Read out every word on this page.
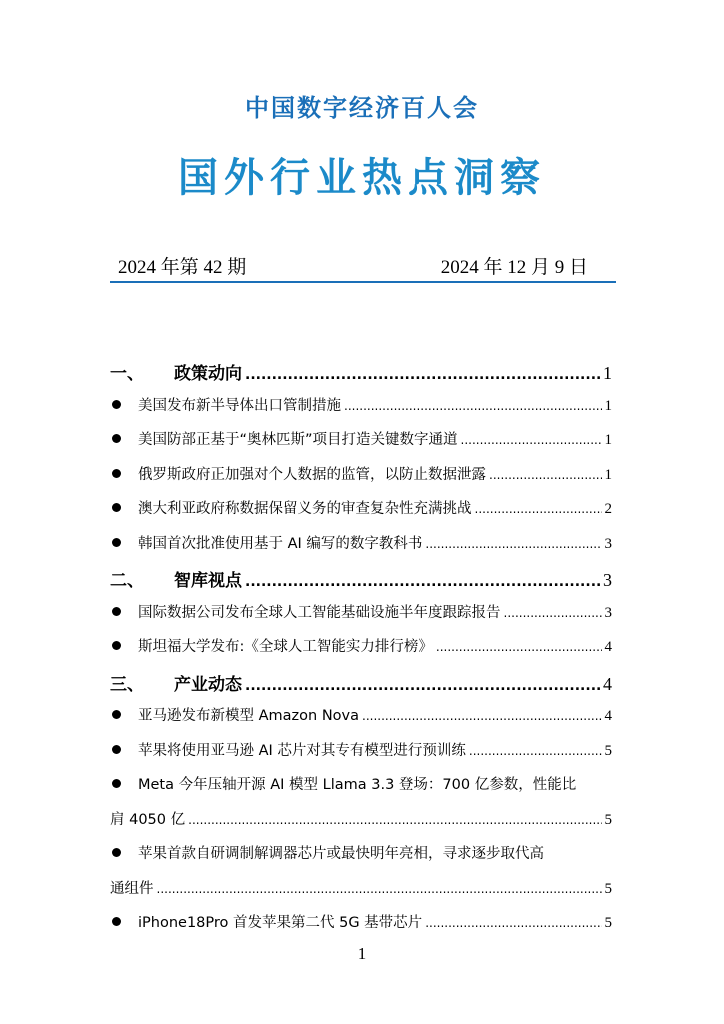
中国数字经济百人会
国外行业热点洞察
2024 年第 42 期	2024 年 12 月 9 日
一、	政策动向 .....	1
美国发布新半导体出口管制措施 .....	1
美国防部正基于“奥林匹斯”项目打造关键数字通道 .....	1
俄罗斯政府正加强对个人数据的监管，以防止数据泄露 .....	1
澳大利亚政府称数据保留义务的审查复杂性充满挑战 .....	2
韩国首次批准使用基于 AI 编写的数字教科书 .....	3
二、	智库视点 .....	3
国际数据公司发布全球人工智能基础设施半年度跟踪报告 .....	3
斯坦福大学发布:《全球人工智能实力排行榜》 .....	4
三、	产业动态 .....	4
亚马逊发布新模型 Amazon Nova .....	4
苹果将使用亚马逊 AI 芯片对其专有模型进行预训练 .....	5
Meta 今年压轴开源 AI 模型 Llama 3.3 登场：700 亿参数，性能比
肩 4050 亿 .....	5
苹果首款自研调制解调器芯片或最快明年亮相，寻求逐步取代高
通组件 .....	5
iPhone18Pro 首发苹果第二代 5G 基带芯片 .....	5
1
